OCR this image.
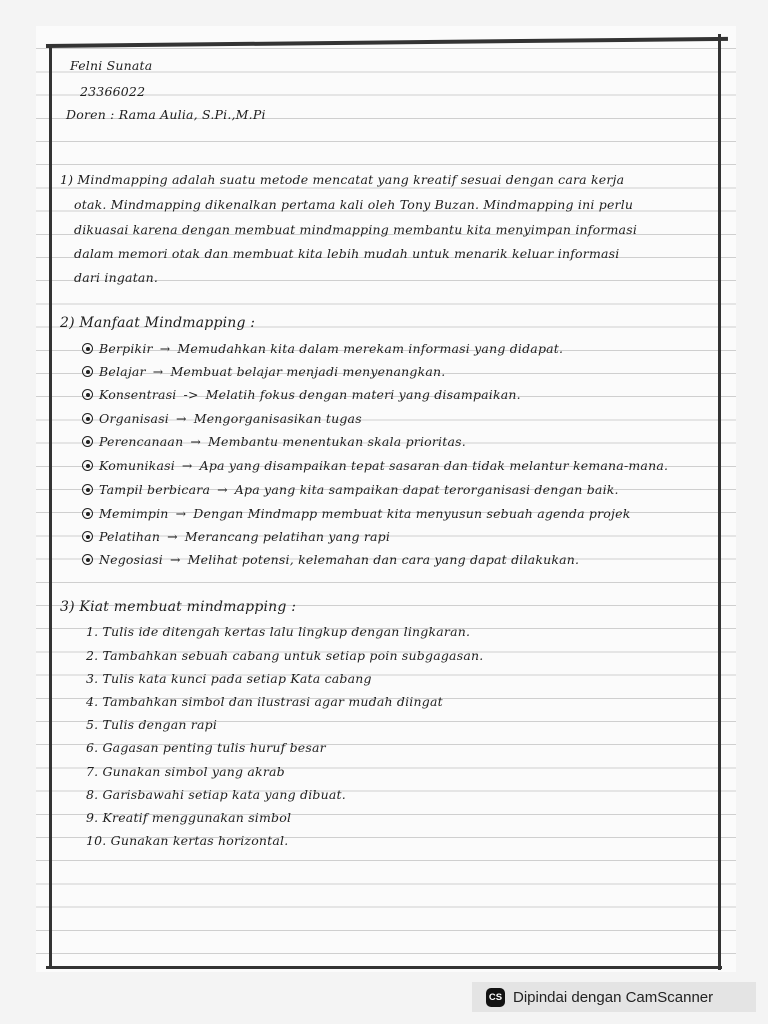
Felni Sunata
23366022
Doren : Rama Aulia, S.Pi.,M.Pi
1) Mindmapping adalah suatu metode mencatat yang kreatif sesuai dengan cara kerja
otak. Mindmapping dikenalkan pertama kali oleh Tony Buzan. Mindmapping ini perlu
dikuasai karena dengan membuat mindmapping membantu kita menyimpan informasi
dalam memori otak dan membuat kita lebih mudah untuk menarik keluar informasi
dari ingatan.
2) Manfaat Mindmapping :
Berpikir → Memudahkan kita dalam merekam informasi yang didapat.
Belajar → Membuat belajar menjadi menyenangkan.
Konsentrasi -> Melatih fokus dengan materi yang disampaikan.
Organisasi → Mengorganisasikan tugas
Perencanaan → Membantu menentukan skala prioritas.
Komunikasi → Apa yang disampaikan tepat sasaran dan tidak melantur kemana-mana.
Tampil berbicara → Apa yang kita sampaikan dapat terorganisasi dengan baik.
Memimpin → Dengan Mindmapp membuat kita menyusun sebuah agenda projek
Pelatihan → Merancang pelatihan yang rapi
Negosiasi → Melihat potensi, kelemahan dan cara yang dapat dilakukan.
3) Kiat membuat mindmapping :
1. Tulis ide ditengah kertas lalu lingkup dengan lingkaran.
2. Tambahkan sebuah cabang untuk setiap poin subgagasan.
3. Tulis kata kunci pada setiap Kata cabang
4. Tambahkan simbol dan ilustrasi agar mudah diingat
5. Tulis dengan rapi
6. Gagasan penting tulis huruf besar
7. Gunakan simbol yang akrab
8. Garisbawahi setiap kata yang dibuat.
9. Kreatif menggunakan simbol
10. Gunakan kertas horizontal.
CS Dipindai dengan CamScanner
